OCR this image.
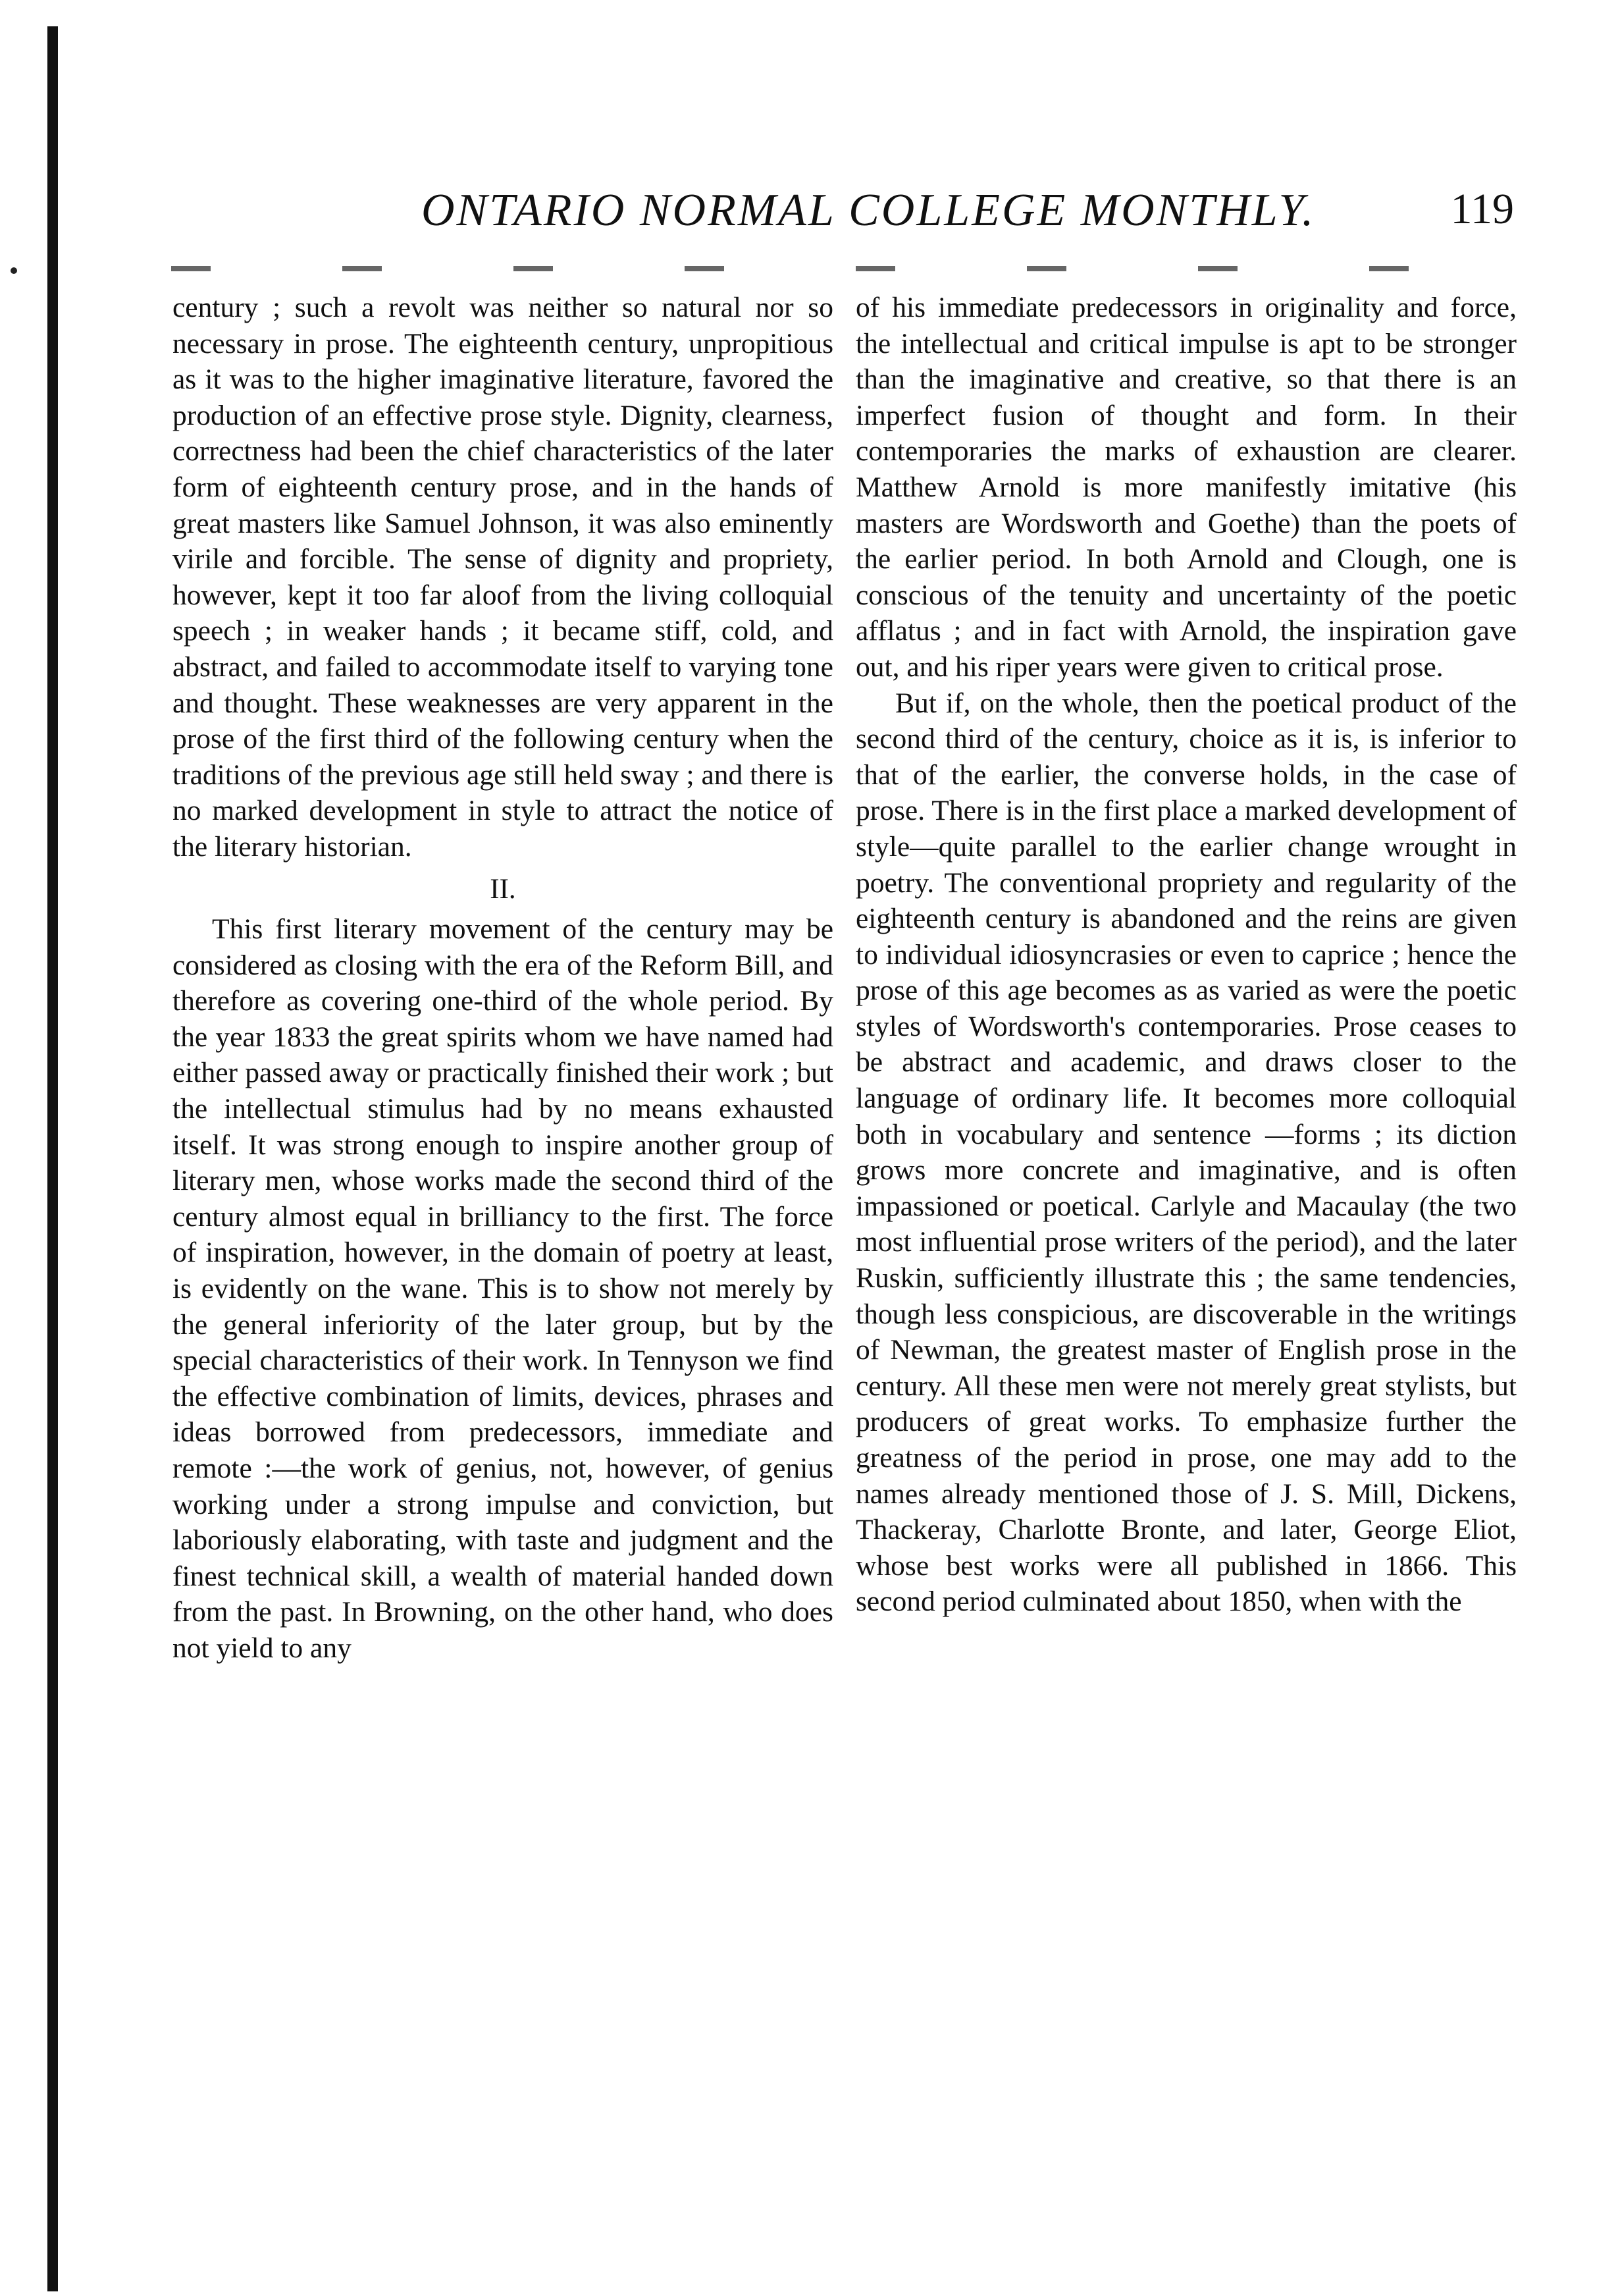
ONTARIO NORMAL COLLEGE MONTHLY.	119

century ; such a revolt was neither so natural nor so necessary in prose. The eighteenth century, unpropitious as it was to the higher imaginative literature, favored the production of an effective prose style. Dignity, clearness, correctness had been the chief characteristics of the later form of eighteenth century prose, and in the hands of great masters like Samuel Johnson, it was also eminently virile and forcible. The sense of dignity and propriety, however, kept it too far aloof from the living colloquial speech ; in weaker hands ; it became stiff, cold, and abstract, and failed to accommodate itself to varying tone and thought. These weaknesses are very apparent in the prose of the first third of the following century when the traditions of the previous age still held sway ; and there is no marked development in style to attract the notice of the literary historian.

II.

This first literary movement of the century may be considered as closing with the era of the Reform Bill, and therefore as covering one-third of the whole period. By the year 1833 the great spirits whom we have named had either passed away or practically finished their work ; but the intellectual stimulus had by no means exhausted itself. It was strong enough to inspire another group of literary men, whose works made the second third of the century almost equal in brilliancy to the first. The force of inspiration, however, in the domain of poetry at least, is evidently on the wane. This is to show not merely by the general inferiority of the later group, but by the special characteristics of their work. In Tennyson we find the effective combination of limits, devices, phrases and ideas borrowed from predecessors, immediate and remote :—the work of genius, not, however, of genius working under a strong impulse and conviction, but laboriously elaborating, with taste and judgment and the finest technical skill, a wealth of material handed down from the past. In Browning, on the other hand, who does not yield to any

of his immediate predecessors in originality and force, the intellectual and critical impulse is apt to be stronger than the imaginative and creative, so that there is an imperfect fusion of thought and form. In their contemporaries the marks of exhaustion are clearer. Matthew Arnold is more manifestly imitative (his masters are Wordsworth and Goethe) than the poets of the earlier period. In both Arnold and Clough, one is conscious of the tenuity and uncertainty of the poetic afflatus ; and in fact with Arnold, the inspiration gave out, and his riper years were given to critical prose.

But if, on the whole, then the poetical product of the second third of the century, choice as it is, is inferior to that of the earlier, the converse holds, in the case of prose. There is in the first place a marked development of style—quite parallel to the earlier change wrought in poetry. The conventional propriety and regularity of the eighteenth century is abandoned and the reins are given to individual idiosyncrasies or even to caprice ; hence the prose of this age becomes as as varied as were the poetic styles of Wordsworth's contemporaries. Prose ceases to be abstract and academic, and draws closer to the language of ordinary life. It becomes more colloquial both in vocabulary and sentence —forms ; its diction grows more concrete and imaginative, and is often impassioned or poetical. Carlyle and Macaulay (the two most influential prose writers of the period), and the later Ruskin, sufficiently illustrate this ; the same tendencies, though less conspicious, are discoverable in the writings of Newman, the greatest master of English prose in the century. All these men were not merely great stylists, but producers of great works. To emphasize further the greatness of the period in prose, one may add to the names already mentioned those of J. S. Mill, Dickens, Thackeray, Charlotte Bronte, and later, George Eliot, whose best works were all published in 1866. This second period culminated about 1850, when with the
